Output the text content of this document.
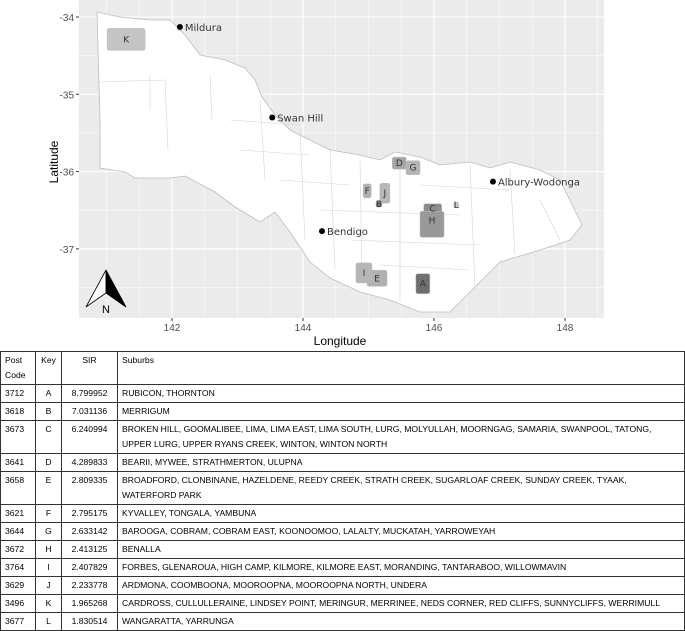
A
B	C
D
E
F
G
H
I
J
K
L
Mildura
Swan Hill
Albury-Wodonga
Bendigo
142	144	146	148
-34
-35
-36
-37
Longitude
Latitude
N
Post Code	Key	SIR	Suburbs
3712	A	8.799952	RUBICON, THORNTON
3618	B	7.031136	MERRIGUM
3673	C	6.240994	BROKEN HILL, GOOMALIBEE, LIMA, LIMA EAST, LIMA SOUTH, LURG, MOLYULLAH, MOORNGAG, SAMARIA, SWANPOOL, TATONG, UPPER LURG, UPPER RYANS CREEK, WINTON, WINTON NORTH
3641	D	4.289833	BEARII, MYWEE, STRATHMERTON, ULUPNA
3658	E	2.809335	BROADFORD, CLONBINANE, HAZELDENE, REEDY CREEK, STRATH CREEK, SUGARLOAF CREEK, SUNDAY CREEK, TYAAK, WATERFORD PARK
3621	F	2.795175	KYVALLEY, TONGALA, YAMBUNA
3644	G	2.633142	BAROOGA, COBRAM, COBRAM EAST, KOONOOMOO, LALALTY, MUCKATAH, YARROWEYAH
3672	H	2.413125	BENALLA
3764	I	2.407829	FORBES, GLENAROUA, HIGH CAMP, KILMORE, KILMORE EAST, MORANDING, TANTARABOO, WILLOWMAVIN
3629	J	2.233778	ARDMONA, COOMBOONA, MOOROOPNA, MOOROOPNA NORTH, UNDERA
3496	K	1.965268	CARDROSS, CULLULLERAINE, LINDSEY POINT, MERINGUR, MERRINEE, NEDS CORNER, RED CLIFFS, SUNNYCLIFFS, WERRIMULL
3677	L	1.830514	WANGARATTA, YARRUNGA
